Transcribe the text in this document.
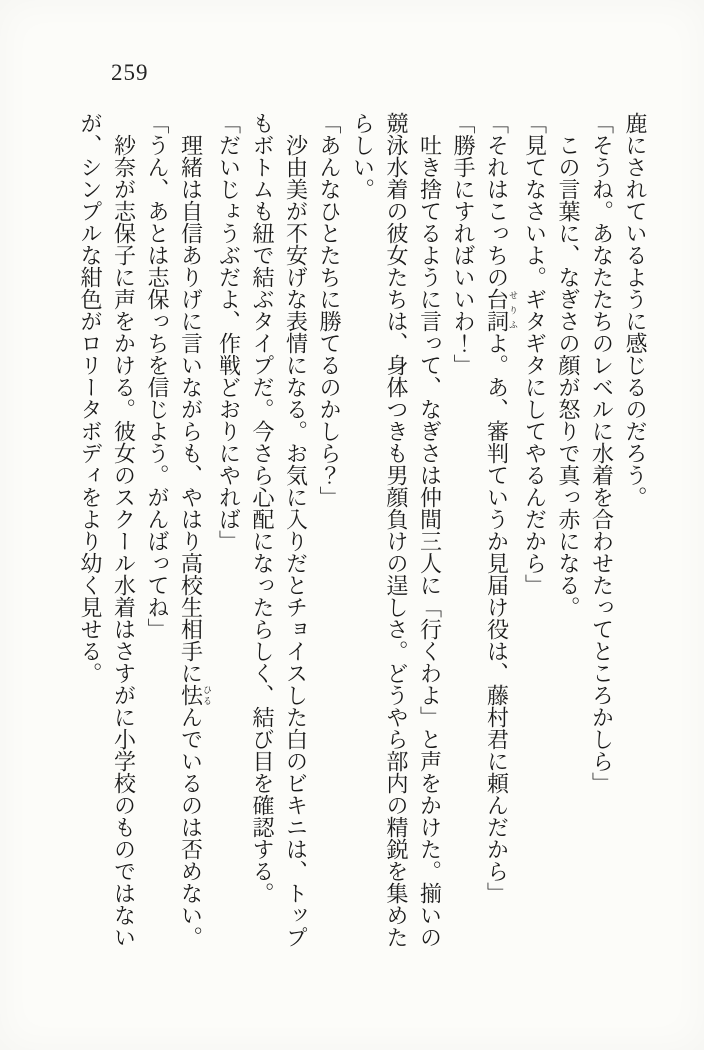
259

鹿にされているように感じるのだろう。

「そうね。あなたたちのレベルに水着を合わせたってところかしら」

この言葉に、なぎさの顔が怒りで真っ赤になる。

「見てなさいよ。ギタギタにしてやるんだから」

「それはこっちの台詞せりふよ。あ、審判ていうか見届け役は、藤村君に頼んだから」

「勝手にすればいいわ！」

吐き捨てるように言って、なぎさは仲間三人に「行くわよ」と声をかけた。揃いの競泳水着の彼女たちは、身体つきも男顔負けの逞しさ。どうやら部内の精鋭を集めたらしい。

「あんなひとたちに勝てるのかしら？」

沙由美が不安げな表情になる。お気に入りだとチョイスした白のビキニは、トップもボトムも紐で結ぶタイプだ。今さら心配になったらしく、結び目を確認する。

「だいじょうぶだよ、作戦どおりにやれば」

理緒は自信ありげに言いながらも、やはり高校生相手に怯ひるんでいるのは否めない。

「うん、あとは志保っちを信じよう。がんばってね」

紗奈が志保子に声をかける。彼女のスクール水着はさすがに小学校のものではないが、シンプルな紺色がロリータボディをより幼く見せる。
